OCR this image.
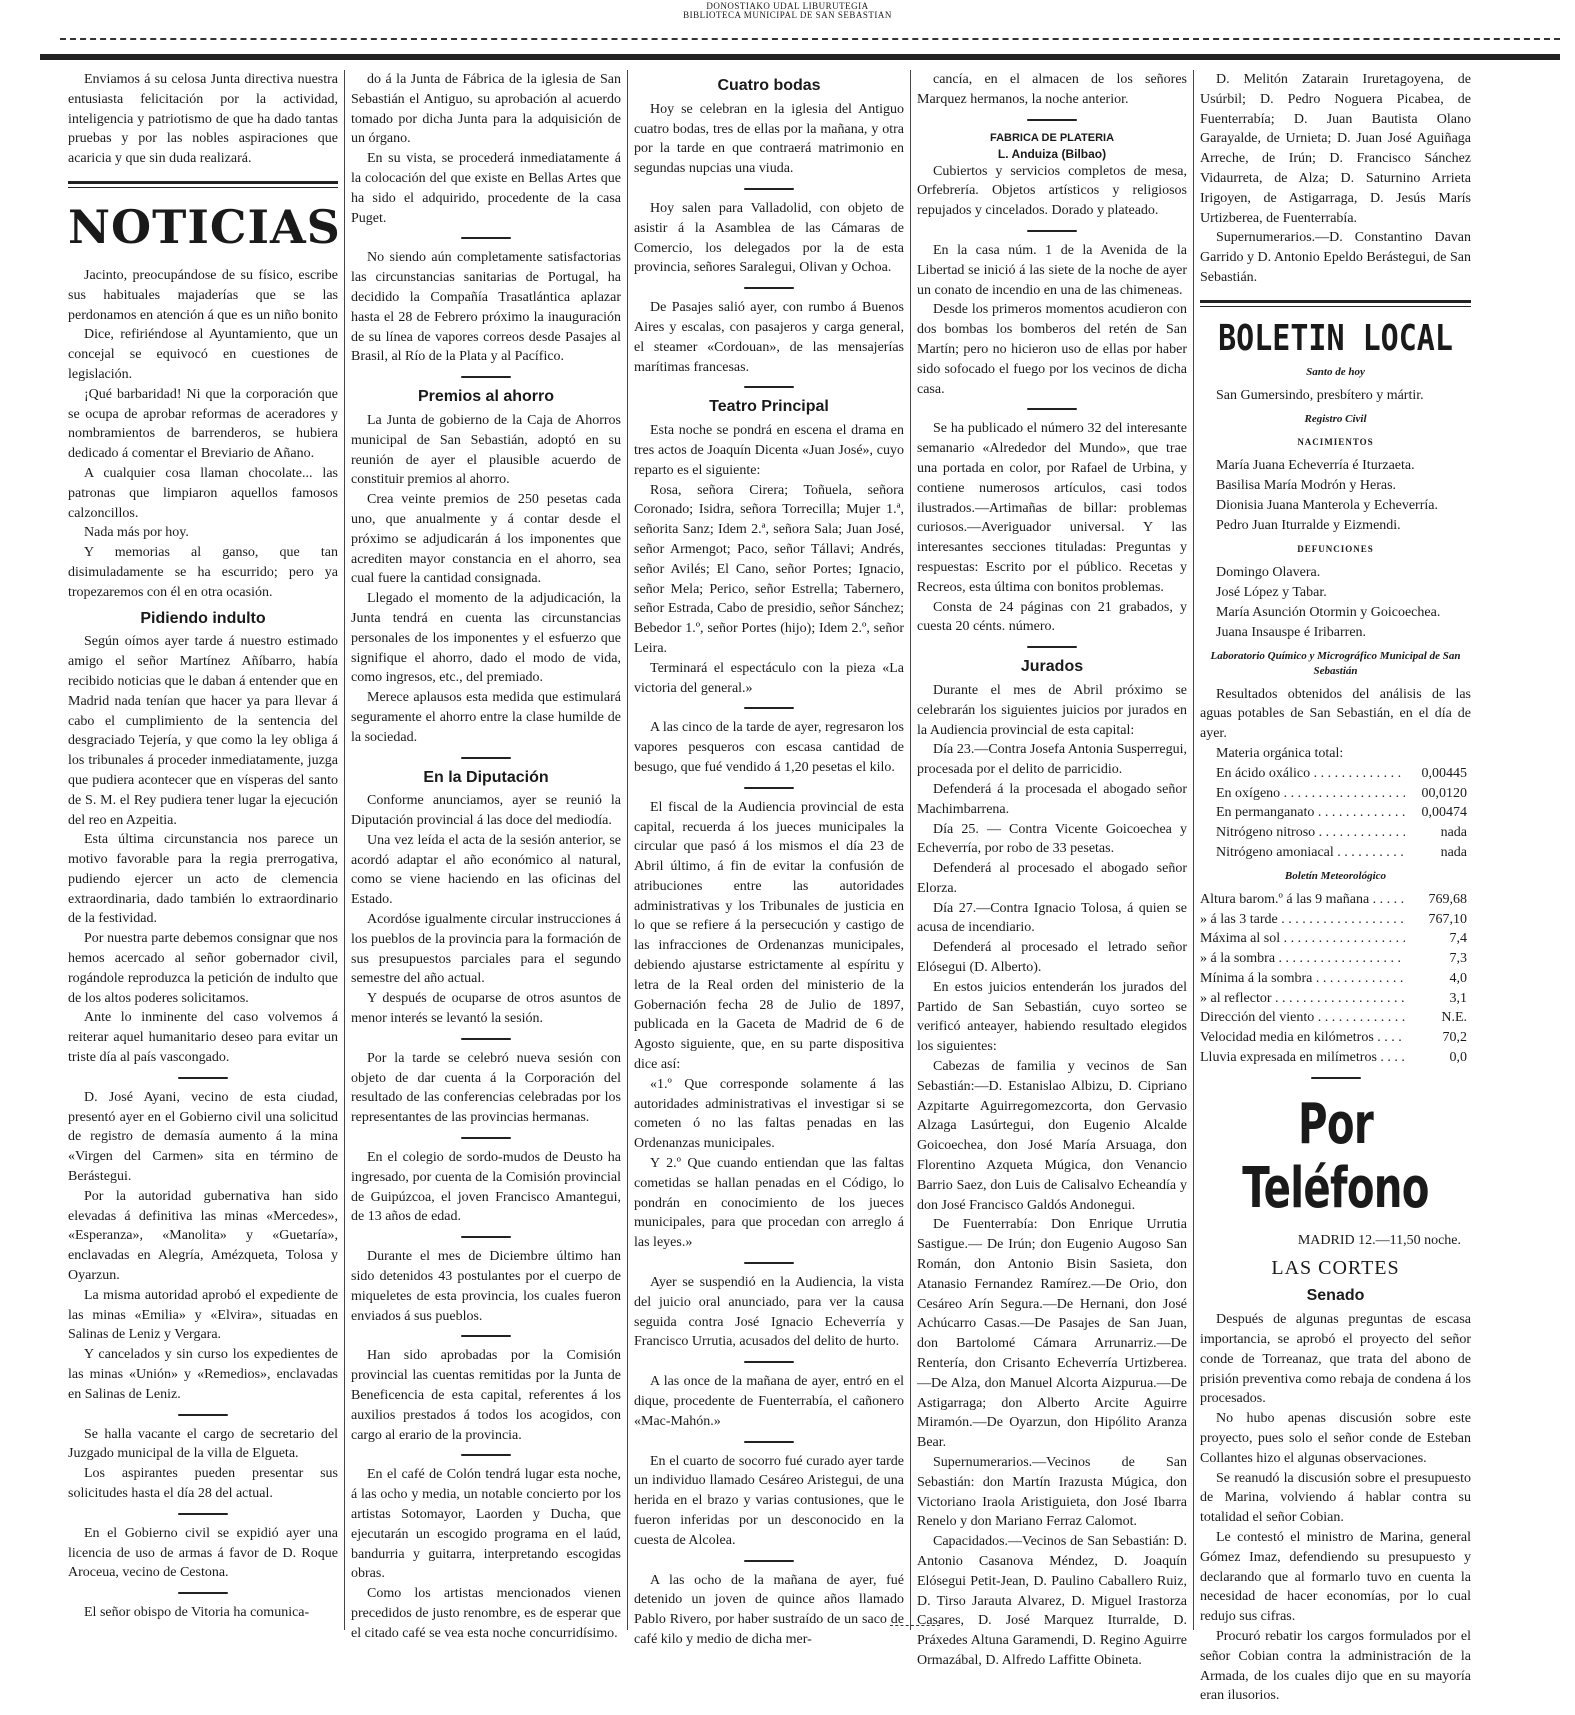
DONOSTIAKO UDAL LIBURUTEGIA
BIBLIOTECA MUNICIPAL DE SAN SEBASTIAN
Enviamos á su celosa Junta directiva nuestra entusiasta felicitación por la actividad, inteligencia y patriotismo de que ha dado tantas pruebas y por las nobles aspiraciones que acaricia y que sin duda realizará.
NOTICIAS
Jacinto, preocupándose de su físico, escribe sus habituales majaderías que se las perdonamos en atención á que es un niño bonito
Dice, refiriéndose al Ayuntamiento, que un concejal se equivocó en cuestiones de legislación.
¡Qué barbaridad! Ni que la corporación que se ocupa de aprobar reformas de aceradores y nombramientos de barrenderos, se hubiera dedicado á comentar el Breviario de Añano.
A cualquier cosa llaman chocolate... las patronas que limpiaron aquellos famosos calzoncillos.
Nada más por hoy.
Y memorias al ganso, que tan disimuladamente se ha escurrido; pero ya tropezaremos con él en otra ocasión.
Pidiendo indulto
Según oímos ayer tarde á nuestro estimado amigo el señor Martínez Añíbarro, había recibido noticias que le daban á entender que en Madrid nada tenían que hacer ya para llevar á cabo el cumplimiento de la sentencia del desgraciado Tejería, y que como la ley obliga á los tribunales á proceder inmediatamente, juzga que pudiera acontecer que en vísperas del santo de S. M. el Rey pudiera tener lugar la ejecución del reo en Azpeitia.
Esta última circunstancia nos parece un motivo favorable para la regia prerrogativa, pudiendo ejercer un acto de clemencia extraordinaria, dado también lo extraordinario de la festividad.
Por nuestra parte debemos consignar que nos hemos acercado al señor gobernador civil, rogándole reproduzca la petición de indulto que de los altos poderes solicitamos.
Ante lo inminente del caso volvemos á reiterar aquel humanitario deseo para evitar un triste día al país vascongado.
D. José Ayani, vecino de esta ciudad, presentó ayer en el Gobierno civil una solicitud de registro de demasía aumento á la mina «Virgen del Carmen» sita en término de Berástegui.
Por la autoridad gubernativa han sido elevadas á definitiva las minas «Mercedes», «Esperanza», «Manolita» y «Guetaría», enclavadas en Alegría, Amézqueta, Tolosa y Oyarzun.
La misma autoridad aprobó el expediente de las minas «Emilia» y «Elvira», situadas en Salinas de Leniz y Vergara.
Y cancelados y sin curso los expedientes de las minas «Unión» y «Remedios», enclavadas en Salinas de Leniz.
Se halla vacante el cargo de secretario del Juzgado municipal de la villa de Elgueta.
Los aspirantes pueden presentar sus solicitudes hasta el día 28 del actual.
En el Gobierno civil se expidió ayer una licencia de uso de armas á favor de D. Roque Aroceua, vecino de Cestona.
El señor obispo de Vitoria ha comunica-
do á la Junta de Fábrica de la iglesia de San Sebastián el Antiguo, su aprobación al acuerdo tomado por dicha Junta para la adquisición de un órgano.
En su vista, se procederá inmediatamente á la colocación del que existe en Bellas Artes que ha sido el adquirido, procedente de la casa Puget.
No siendo aún completamente satisfactorias las circunstancias sanitarias de Portugal, ha decidido la Compañía Trasatlántica aplazar hasta el 28 de Febrero próximo la inauguración de su línea de vapores correos desde Pasajes al Brasil, al Río de la Plata y al Pacífico.
Premios al ahorro
La Junta de gobierno de la Caja de Ahorros municipal de San Sebastián, adoptó en su reunión de ayer el plausible acuerdo de constituir premios al ahorro.
Crea veinte premios de 250 pesetas cada uno, que anualmente y á contar desde el próximo se adjudicarán á los imponentes que acrediten mayor constancia en el ahorro, sea cual fuere la cantidad consignada.
Llegado el momento de la adjudicación, la Junta tendrá en cuenta las circunstancias personales de los imponentes y el esfuerzo que signifique el ahorro, dado el modo de vida, como ingresos, etc., del premiado.
Merece aplausos esta medida que estimulará seguramente el ahorro entre la clase humilde de la sociedad.
En la Diputación
Conforme anunciamos, ayer se reunió la Diputación provincial á las doce del mediodía.
Una vez leída el acta de la sesión anterior, se acordó adaptar el año económico al natural, como se viene haciendo en las oficinas del Estado.
Acordóse igualmente circular instrucciones á los pueblos de la provincia para la formación de sus presupuestos parciales para el segundo semestre del año actual.
Y después de ocuparse de otros asuntos de menor interés se levantó la sesión.
Por la tarde se celebró nueva sesión con objeto de dar cuenta á la Corporación del resultado de las conferencias celebradas por los representantes de las provincias hermanas.
En el colegio de sordo-mudos de Deusto ha ingresado, por cuenta de la Comisión provincial de Guipúzcoa, el joven Francisco Amantegui, de 13 años de edad.
Durante el mes de Diciembre último han sido detenidos 43 postulantes por el cuerpo de miqueletes de esta provincia, los cuales fueron enviados á sus pueblos.
Han sido aprobadas por la Comisión provincial las cuentas remitidas por la Junta de Beneficencia de esta capital, referentes á los auxilios prestados á todos los acogidos, con cargo al erario de la provincia.
En el café de Colón tendrá lugar esta noche, á las ocho y media, un notable concierto por los artistas Sotomayor, Laorden y Ducha, que ejecutarán un escogido programa en el laúd, bandurria y guitarra, interpretando escogidas obras.
Como los artistas mencionados vienen precedidos de justo renombre, es de esperar que el citado café se vea esta noche concurridísimo.
Cuatro bodas
Hoy se celebran en la iglesia del Antiguo cuatro bodas, tres de ellas por la mañana, y otra por la tarde en que contraerá matrimonio en segundas nupcias una viuda.
Hoy salen para Valladolid, con objeto de asistir á la Asamblea de las Cámaras de Comercio, los delegados por la de esta provincia, señores Saralegui, Olivan y Ochoa.
De Pasajes salió ayer, con rumbo á Buenos Aires y escalas, con pasajeros y carga general, el steamer «Cordouan», de las mensajerías marítimas francesas.
Teatro Principal
Esta noche se pondrá en escena el drama en tres actos de Joaquín Dicenta «Juan José», cuyo reparto es el siguiente:
Rosa, señora Cirera; Toñuela, señora Coronado; Isidra, señora Torrecilla; Mujer 1.ª, señorita Sanz; Idem 2.ª, señora Sala; Juan José, señor Armengot; Paco, señor Tállavi; Andrés, señor Avilés; El Cano, señor Portes; Ignacio, señor Mela; Perico, señor Estrella; Tabernero, señor Estrada, Cabo de presidio, señor Sánchez; Bebedor 1.º, señor Portes (hijo); Idem 2.º, señor Leira.
Terminará el espectáculo con la pieza «La victoria del general.»
A las cinco de la tarde de ayer, regresaron los vapores pesqueros con escasa cantidad de besugo, que fué vendido á 1,20 pesetas el kilo.
El fiscal de la Audiencia provincial de esta capital, recuerda á los jueces municipales la circular que pasó á los mismos el día 23 de Abril último, á fin de evitar la confusión de atribuciones entre las autoridades administrativas y los Tribunales de justicia en lo que se refiere á la persecución y castigo de las infracciones de Ordenanzas municipales, debiendo ajustarse estrictamente al espíritu y letra de la Real orden del ministerio de la Gobernación fecha 28 de Julio de 1897, publicada en la Gaceta de Madrid de 6 de Agosto siguiente, que, en su parte dispositiva dice así:
«1.º Que corresponde solamente á las autoridades administrativas el investigar si se cometen ó no las faltas penadas en las Ordenanzas municipales.
Y 2.º Que cuando entiendan que las faltas cometidas se hallan penadas en el Código, lo pondrán en conocimiento de los jueces municipales, para que procedan con arreglo á las leyes.»
Ayer se suspendió en la Audiencia, la vista del juicio oral anunciado, para ver la causa seguida contra José Ignacio Echeverría y Francisco Urrutia, acusados del delito de hurto.
A las once de la mañana de ayer, entró en el dique, procedente de Fuenterrabía, el cañonero «Mac-Mahón.»
En el cuarto de socorro fué curado ayer tarde un individuo llamado Cesáreo Aristegui, de una herida en el brazo y varias contusiones, que le fueron inferidas por un desconocido en la cuesta de Alcolea.
A las ocho de la mañana de ayer, fué detenido un joven de quince años llamado Pablo Rivero, por haber sustraído de un saco de café kilo y medio de dicha mer-
cancía, en el almacen de los señores Marquez hermanos, la noche anterior.
FABRICA DE PLATERIA
L. Anduiza (Bilbao)
Cubiertos y servicios completos de mesa, Orfebrería. Objetos artísticos y religiosos repujados y cincelados. Dorado y plateado.
En la casa núm. 1 de la Avenida de la Libertad se inició á las siete de la noche de ayer un conato de incendio en una de las chimeneas.
Desde los primeros momentos acudieron con dos bombas los bomberos del retén de San Martín; pero no hicieron uso de ellas por haber sido sofocado el fuego por los vecinos de dicha casa.
Se ha publicado el número 32 del interesante semanario «Alrededor del Mundo», que trae una portada en color, por Rafael de Urbina, y contiene numerosos artículos, casi todos ilustrados.—Artimañas de billar: problemas curiosos.—Averiguador universal. Y las interesantes secciones tituladas: Preguntas y respuestas: Escrito por el público. Recetas y Recreos, esta última con bonitos problemas.
Consta de 24 páginas con 21 grabados, y cuesta 20 cénts. número.
Jurados
Durante el mes de Abril próximo se celebrarán los siguientes juicios por jurados en la Audiencia provincial de esta capital:
Día 23.—Contra Josefa Antonia Susperregui, procesada por el delito de parricidio.
Defenderá á la procesada el abogado señor Machimbarrena.
Día 25. — Contra Vicente Goicoechea y Echeverría, por robo de 33 pesetas.
Defenderá al procesado el abogado señor Elorza.
Día 27.—Contra Ignacio Tolosa, á quien se acusa de incendiario.
Defenderá al procesado el letrado señor Elósegui (D. Alberto).
En estos juicios entenderán los jurados del Partido de San Sebastián, cuyo sorteo se verificó anteayer, habiendo resultado elegidos los siguientes:
Cabezas de familia y vecinos de San Sebastián:—D. Estanislao Albizu, D. Cipriano Azpitarte Aguirregomezcorta, don Gervasio Alzaga Lasúrtegui, don Eugenio Alcalde Goicoechea, don José María Arsuaga, don Florentino Azqueta Múgica, don Venancio Barrio Saez, don Luis de Calisalvo Echeandía y don José Francisco Galdós Andonegui.
De Fuenterrabía: Don Enrique Urrutia Sastigue.— De Irún; don Eugenio Augoso San Román, don Antonio Bisin Sasieta, don Atanasio Fernandez Ramírez.—De Orio, don Cesáreo Arín Segura.—De Hernani, don José Achúcarro Casas.—De Pasajes de San Juan, don Bartolomé Cámara Arrunarriz.—De Rentería, don Crisanto Echeverría Urtizberea.—De Alza, don Manuel Alcorta Aizpurua.—De Astigarraga; don Alberto Arcite Aguirre Miramón.—De Oyarzun, don Hipólito Aranza Bear.
Supernumerarios.—Vecinos de San Sebastián: don Martín Irazusta Múgica, don Victoriano Iraola Aristiguieta, don José Ibarra Renelo y don Mariano Ferraz Calomot.
Capacidados.—Vecinos de San Sebastián: D. Antonio Casanova Méndez, D. Joaquín Elósegui Petit-Jean, D. Paulino Caballero Ruiz, D. Tirso Jarauta Alvarez, D. Miguel Irastorza Casares, D. José Marquez Iturralde, D. Práxedes Altuna Garamendi, D. Regino Aguirre Ormazábal, D. Alfredo Laffitte Obineta.
D. Melitón Zatarain Iruretagoyena, de Usúrbil; D. Pedro Noguera Picabea, de Fuenterrabía; D. Juan Bautista Olano Garayalde, de Urnieta; D. Juan José Aguiñaga Arreche, de Irún; D. Francisco Sánchez Vidaurreta, de Alza; D. Saturnino Arrieta Irigoyen, de Astigarraga, D. Jesús Marís Urtizberea, de Fuenterrabía.
Supernumerarios.—D. Constantino Davan Garrido y D. Antonio Epeldo Berástegui, de San Sebastián.
BOLETIN LOCAL
Santo de hoy
San Gumersindo, presbítero y mártir.
Registro Civil
NACIMIENTOS
María Juana Echeverría é Iturzaeta.
Basilisa María Modrón y Heras.
Dionisia Juana Manterola y Echeverría.
Pedro Juan Iturralde y Eizmendi.
DEFUNCIONES
Domingo Olavera.
José López y Tabar.
María Asunción Otormin y Goicoechea.
Juana Insauspe é Iribarren.
Laboratorio Químico y Micrográfico Municipal de San Sebastián
Resultados obtenidos del análisis de las aguas potables de San Sebastián, en el día de ayer.
Materia orgánica total:
En ácido oxálico . . .	0,00445
En oxígeno . . .	00,0120
En permanganato . . .	0,00474
Nitrógeno nitroso . . .	nada
Nitrógeno amoniacal . . .	nada
Boletín Meteorológico
Altura barom.º á las 9 mañana . . .	769,68
» á las 3 tarde . . .	767,10
Máxima al sol . . .	7,4
» á la sombra . . .	7,3
Mínima á la sombra . . .	4,0
» al reflector . . .	3,1
Dirección del viento . . .	N.E.
Velocidad media en kilómetros . . .	70,2
Lluvia expresada en milímetros . . .	0,0
Por Teléfono
MADRID 12.—11,50 noche.
LAS CORTES
Senado
Después de algunas preguntas de escasa importancia, se aprobó el proyecto del señor conde de Torreanaz, que trata del abono de prisión preventiva como rebaja de condena á los procesados.
No hubo apenas discusión sobre este proyecto, pues solo el señor conde de Esteban Collantes hizo el algunas observaciones.
Se reanudó la discusión sobre el presupuesto de Marina, volviendo á hablar contra su totalidad el señor Cobian.
Le contestó el ministro de Marina, general Gómez Imaz, defendiendo su presupuesto y declarando que al formarlo tuvo en cuenta la necesidad de hacer economías, por lo cual redujo sus cifras.
Procuró rebatir los cargos formulados por el señor Cobian contra la administración de la Armada, de los cuales dijo que en su mayoría eran ilusorios.
